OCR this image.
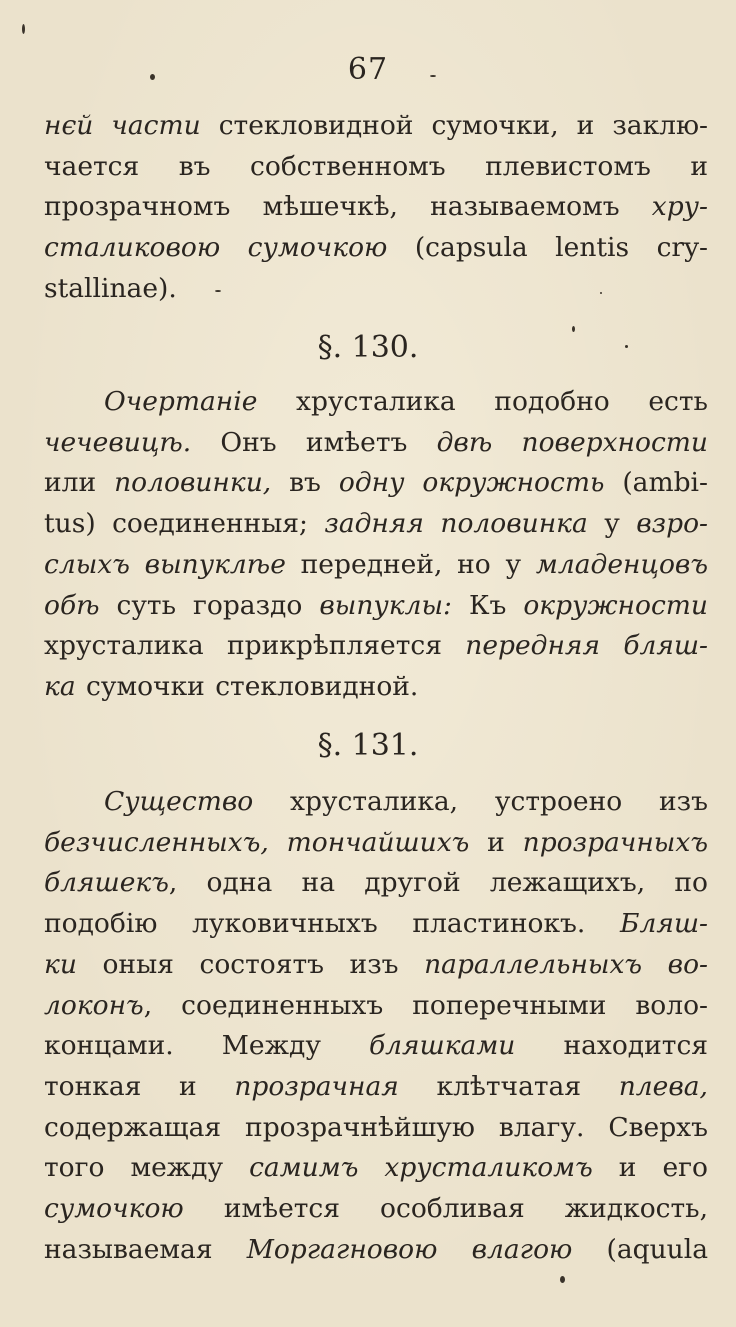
67
нєй части стекловидной сумочки, и заклю-
чается въ собственномъ плевистомъ и
прозрачномъ мѣшечкѣ, называемомъ хру-
сталиковою сумочкою (capsula lentis cry-
stallinae).
§. 130.
Очертаніе хрусталика подобно есть
чечевицѣ. Онъ имѣетъ двѣ поверхности
или половинки, въ одну окружность (ambi-
tus) соединенныя; задняя половинка у взро-
слыхъ выпуклѣе передней, но у младенцовъ
обѣ суть гораздо выпуклы: Къ окружности
хрусталика прикрѣпляется передняя бляш-
ка сумочки стекловидной.
§. 131.
Существо хрусталика, устроено изъ
безчисленныхъ, тончайшихъ и прозрачныхъ
бляшекъ, одна на другой лежащихъ, по
подобію луковичныхъ пластинокъ. Бляш-
ки оныя состоятъ изъ параллельныхъ во-
локонъ, соединенныхъ поперечными воло-
концами. Между бляшками находится
тонкая и прозрачная клѣтчатая плева,
содержащая прозрачнѣйшую влагу. Сверхъ
того между самимъ хрусталикомъ и его
сумочкою имѣется особливая жидкость,
называемая Моргагновою влагою (aquula
